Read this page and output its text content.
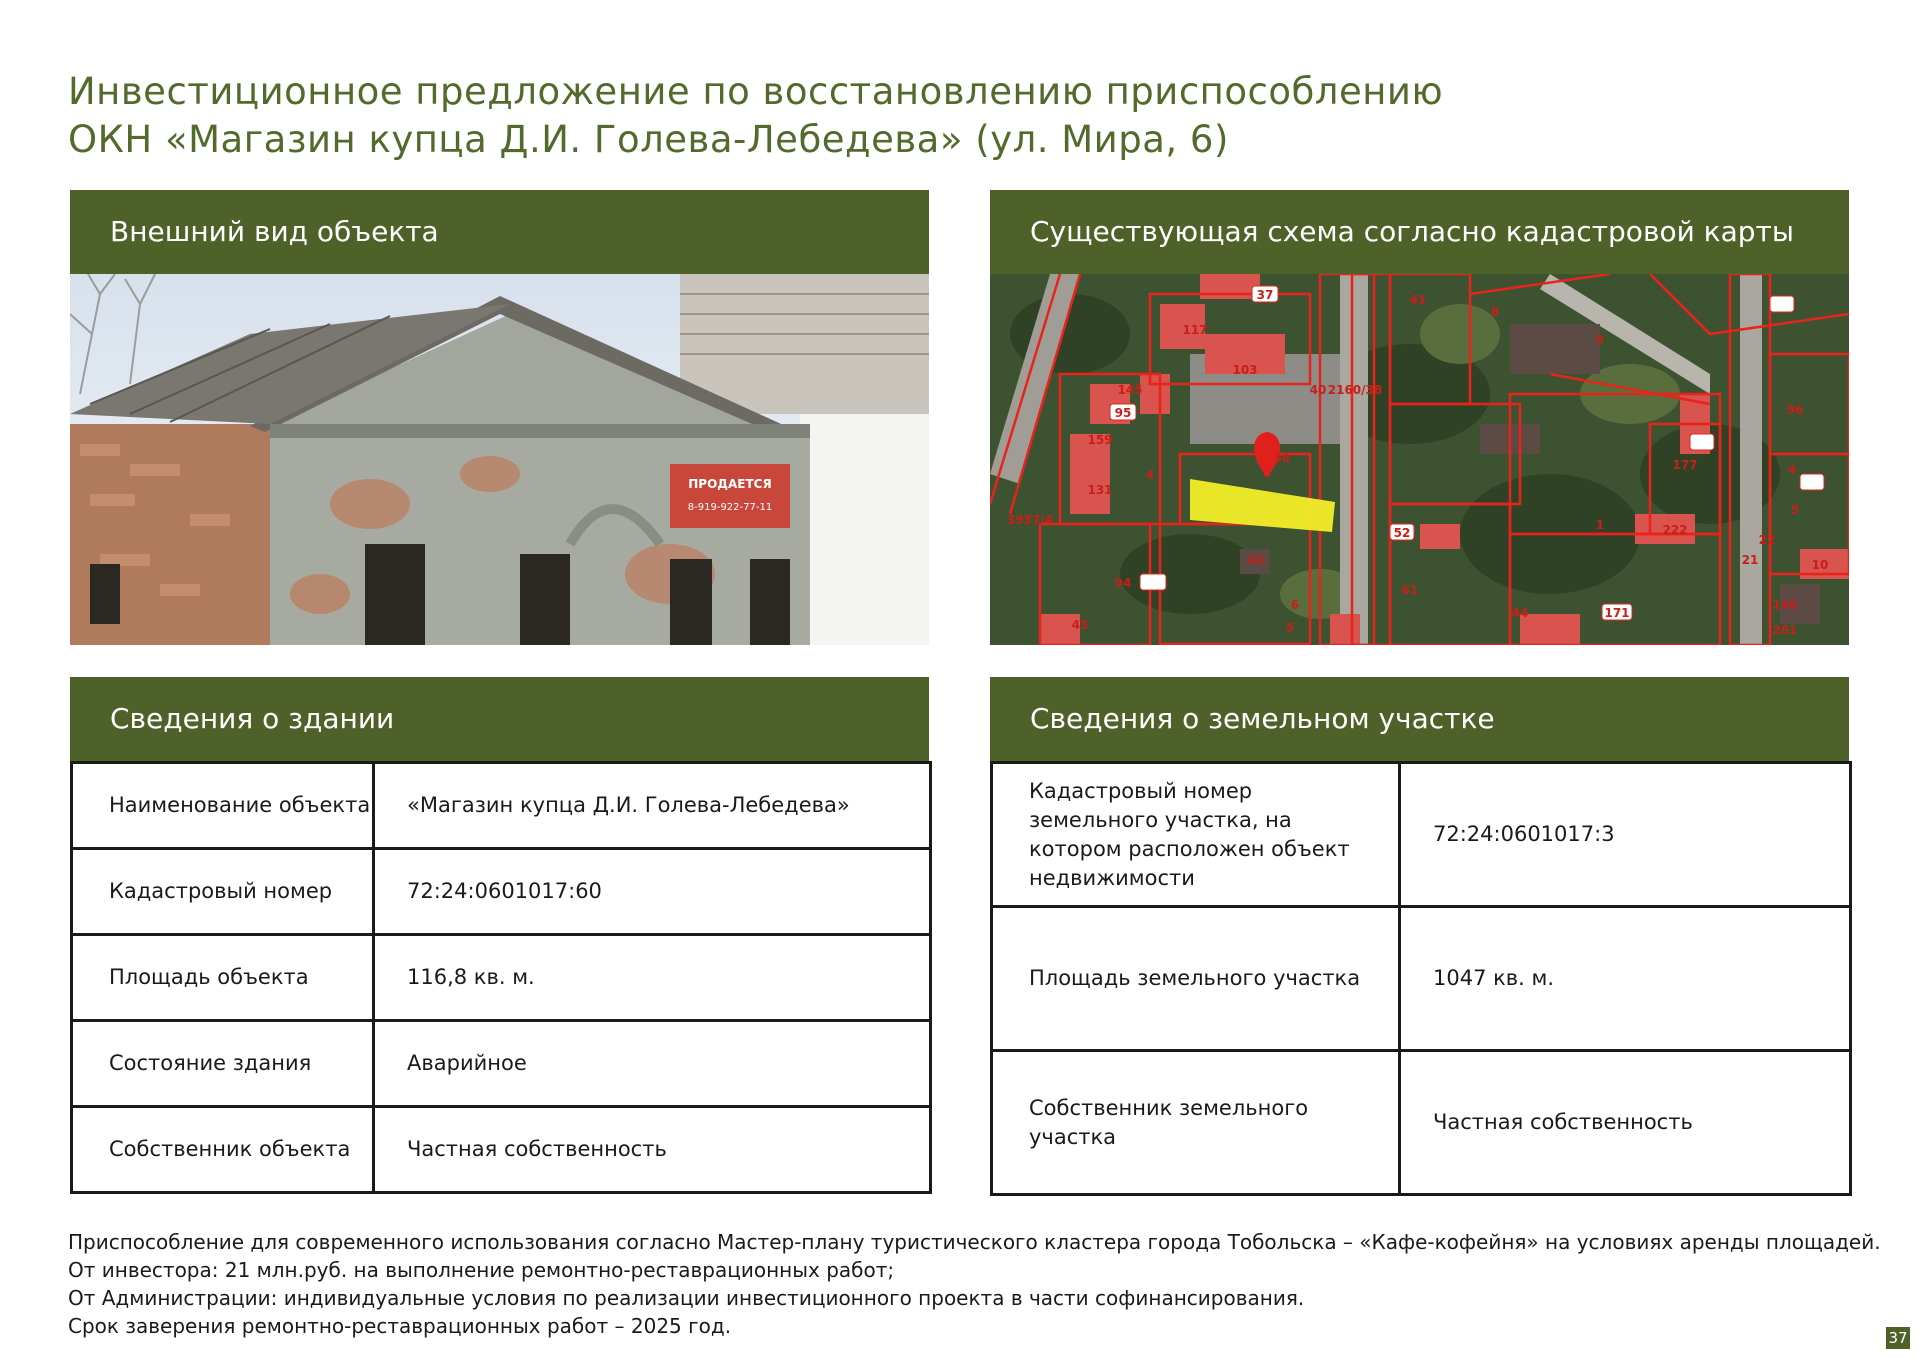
Инвестиционное предложение по восстановлению приспособлению
ОКН «Магазин купца Д.И. Голева-Лебедева» (ул. Мира, 6)
Внешний вид объекта
ПРОДАЕТСЯ
8-919-922-77-11
Существующая схема согласно кадастровой карты
37
8
9
117
103
40
95
145
159
96
4	4
131
1
52	222
5
3957/4
2160/38
42
61
94
6
44	171
146
43	5	261
10
21
22
177
41
38
Сведения о здании
Наименование объекта	«Магазин купца Д.И. Голева-Лебедева»
Кадастровый номер	72:24:0601017:60
Площадь объекта	116,8 кв. м.
Состояние здания	Аварийное
Собственник объекта	Частная собственность
Сведения о земельном участке
Кадастровый номер земельного участка, на котором расположен объект недвижимости	72:24:0601017:3
Площадь земельного участка	1047 кв. м.
Собственник земельного участка	Частная собственность
Приспособление для современного использования согласно Мастер-плану туристического кластера города Тобольска – «Кафе-кофейня» на условиях аренды площадей.
От инвестора: 21 млн.руб. на выполнение ремонтно-реставрационных работ;
От Администрации: индивидуальные условия по реализации инвестиционного проекта в части софинансирования.
Срок заверения ремонтно-реставрационных работ – 2025 год.	37
